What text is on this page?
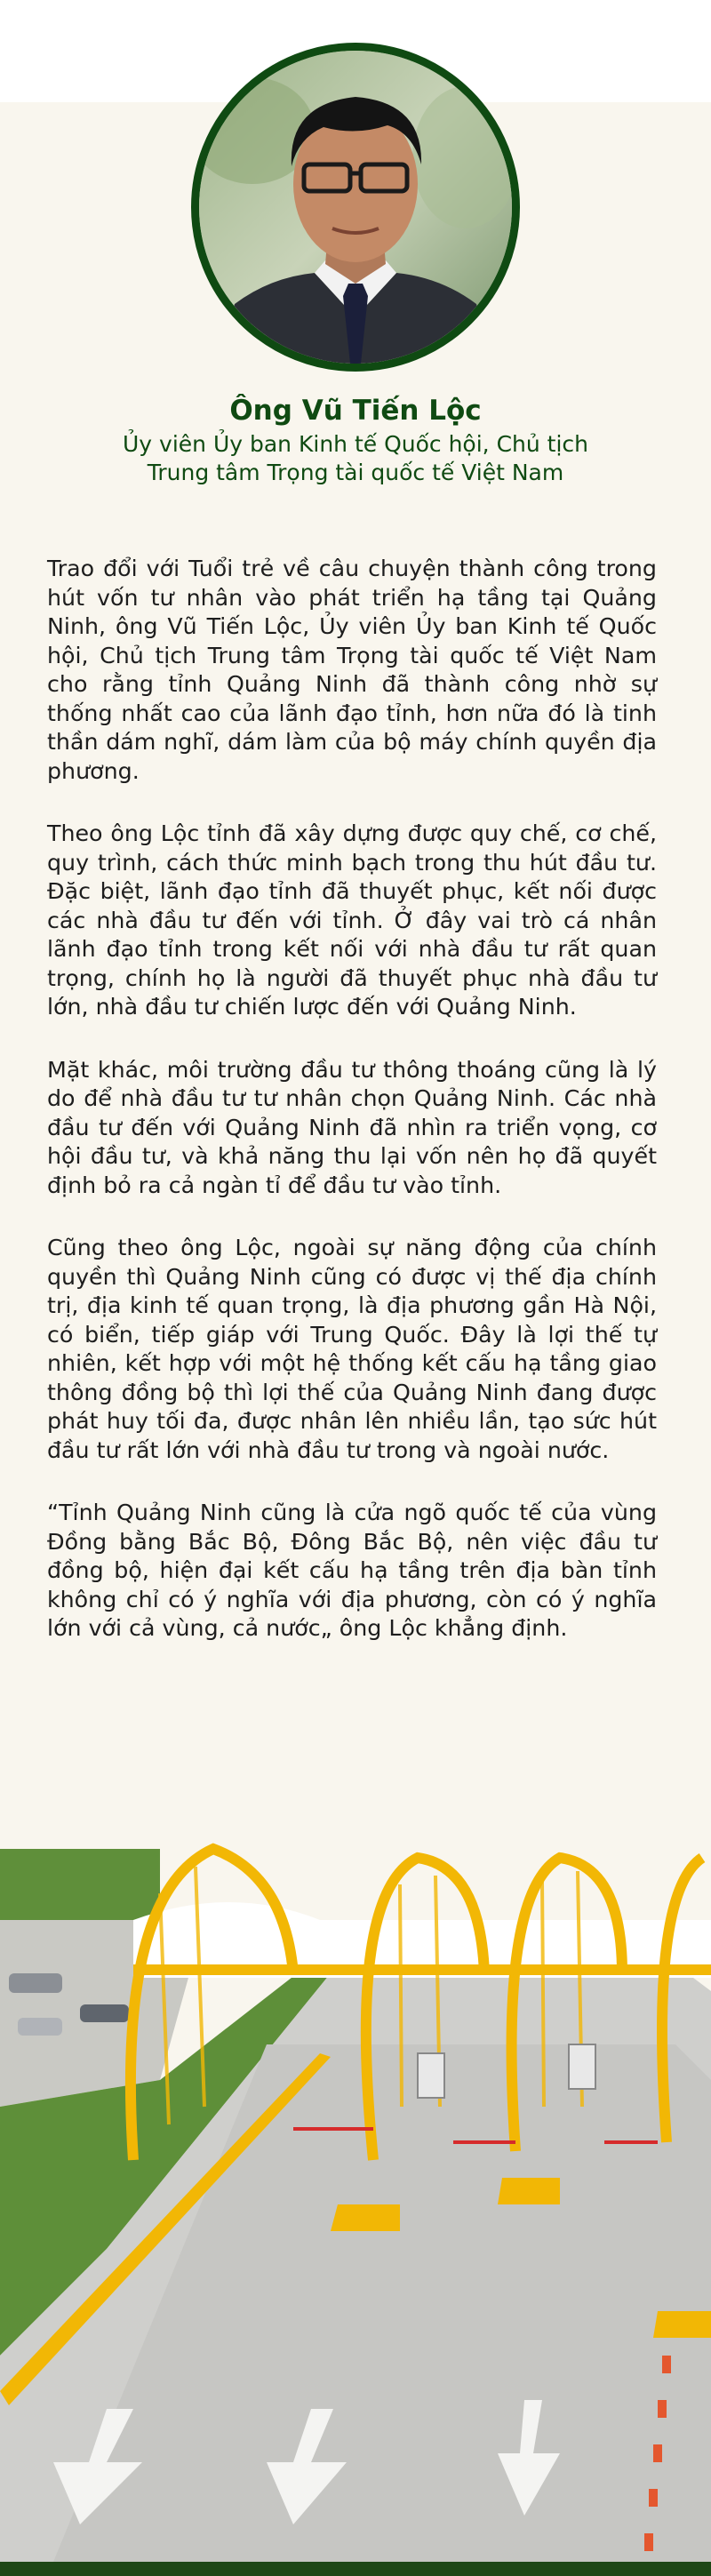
Ông Vũ Tiến Lộc

Ủy viên Ủy ban Kinh tế Quốc hội, Chủ tịch Trung tâm Trọng tài quốc tế Việt Nam

Trao đổi với Tuổi trẻ về câu chuyện thành công trong hút vốn tư nhân vào phát triển hạ tầng tại Quảng Ninh, ông Vũ Tiến Lộc, Ủy viên Ủy ban Kinh tế Quốc hội, Chủ tịch Trung tâm Trọng tài quốc tế Việt Nam cho rằng tỉnh Quảng Ninh đã thành công nhờ sự thống nhất cao của lãnh đạo tỉnh, hơn nữa đó là tinh thần dám nghĩ, dám làm của bộ máy chính quyền địa phương.

Theo ông Lộc tỉnh đã xây dựng được quy chế, cơ chế, quy trình, cách thức minh bạch trong thu hút đầu tư. Đặc biệt, lãnh đạo tỉnh đã thuyết phục, kết nối được các nhà đầu tư đến với tỉnh. Ở đây vai trò cá nhân lãnh đạo tỉnh trong kết nối với nhà đầu tư rất quan trọng, chính họ là người đã thuyết phục nhà đầu tư lớn, nhà đầu tư chiến lược đến với Quảng Ninh.

Mặt khác, môi trường đầu tư thông thoáng cũng là lý do để nhà đầu tư tư nhân chọn Quảng Ninh. Các nhà đầu tư đến với Quảng Ninh đã nhìn ra triển vọng, cơ hội đầu tư, và khả năng thu lại vốn nên họ đã quyết định bỏ ra cả ngàn tỉ để đầu tư vào tỉnh.

Cũng theo ông Lộc, ngoài sự năng động của chính quyền thì Quảng Ninh cũng có được vị thế địa chính trị, địa kinh tế quan trọng, là địa phương gần Hà Nội, có biển, tiếp giáp với Trung Quốc. Đây là lợi thế tự nhiên, kết hợp với một hệ thống kết cấu hạ tầng giao thông đồng bộ thì lợi thế của Quảng Ninh đang được phát huy tối đa, được nhân lên nhiều lần, tạo sức hút đầu tư rất lớn với nhà đầu tư trong và ngoài nước.

“Tỉnh Quảng Ninh cũng là cửa ngõ quốc tế của vùng Đồng bằng Bắc Bộ, Đông Bắc Bộ, nên việc đầu tư đồng bộ, hiện đại kết cấu hạ tầng trên địa bàn tỉnh không chỉ có ý nghĩa với địa phương, còn có ý nghĩa lớn với cả vùng, cả nước„ ông Lộc khẳng định.
